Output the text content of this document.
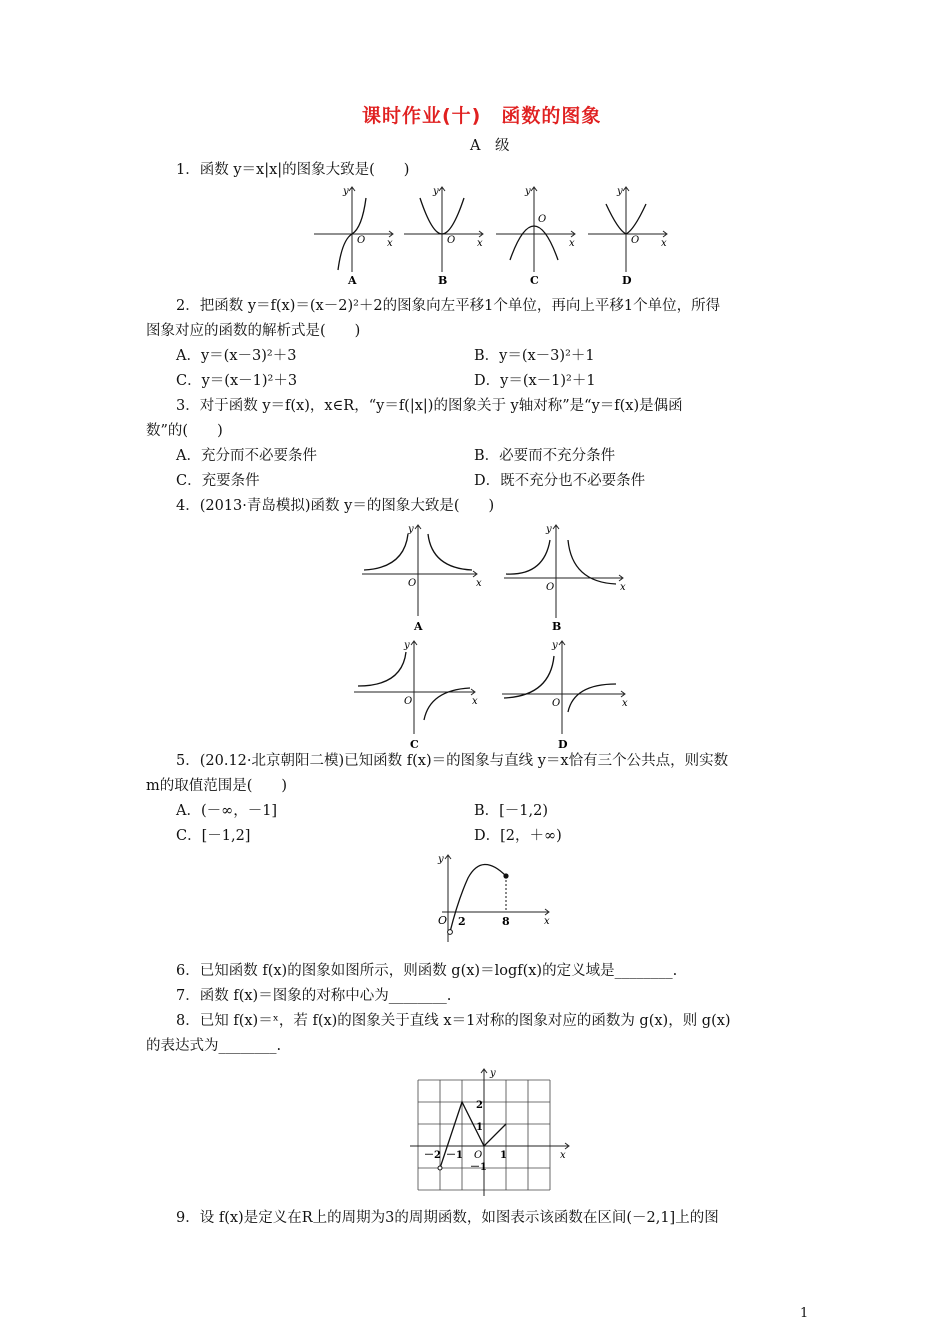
课时作业(十)　函数的图象
A　级
1．函数 y＝x|x|的图象大致是(　　)
O x
y
A
O x
y
B
O
x
y
C
O x
y
D
2．把函数 y＝f(x)＝(x－2)²＋2的图象向左平移1个单位，再向上平移1个单位，所得
图象对应的函数的解析式是(　　)
A．y＝(x－3)²＋3	B．y＝(x－3)²＋1
C．y＝(x－1)²＋3	D．y＝(x－1)²＋1
3．对于函数 y＝f(x)，x∈R，“y＝f(|x|)的图象关于 y轴对称”是“y＝f(x)是偶函
数”的(　　)
A．充分而不必要条件	B．必要而不充分条件
C．充要条件	D．既不充分也不必要条件
4．(2013·青岛模拟)函数 y＝的图象大致是(　　)
O	x
y
A
O	x
y
B
O	x
y
C
O	x
y
D
5．(20.12·北京朝阳二模)已知函数 f(x)＝的图象与直线 y＝x恰有三个公共点，则实数
m的取值范围是(　　)
A．(－∞，－1]	B．[－1,2)
C．[－1,2]	D．[2，＋∞)
O 2	8	x
y
6．已知函数 f(x)的图象如图所示，则函数 g(x)＝logf(x)的定义域是________.
7．函数 f(x)＝图象的对称中心为________.
8．已知 f(x)＝ˣ，若 f(x)的图象关于直线 x＝1对称的图象对应的函数为 g(x)，则 g(x)
的表达式为________.
－2 －1 O 1
2
1
－1
x
y
9．设 f(x)是定义在R上的周期为3的周期函数，如图表示该函数在区间(－2,1]上的图
1
